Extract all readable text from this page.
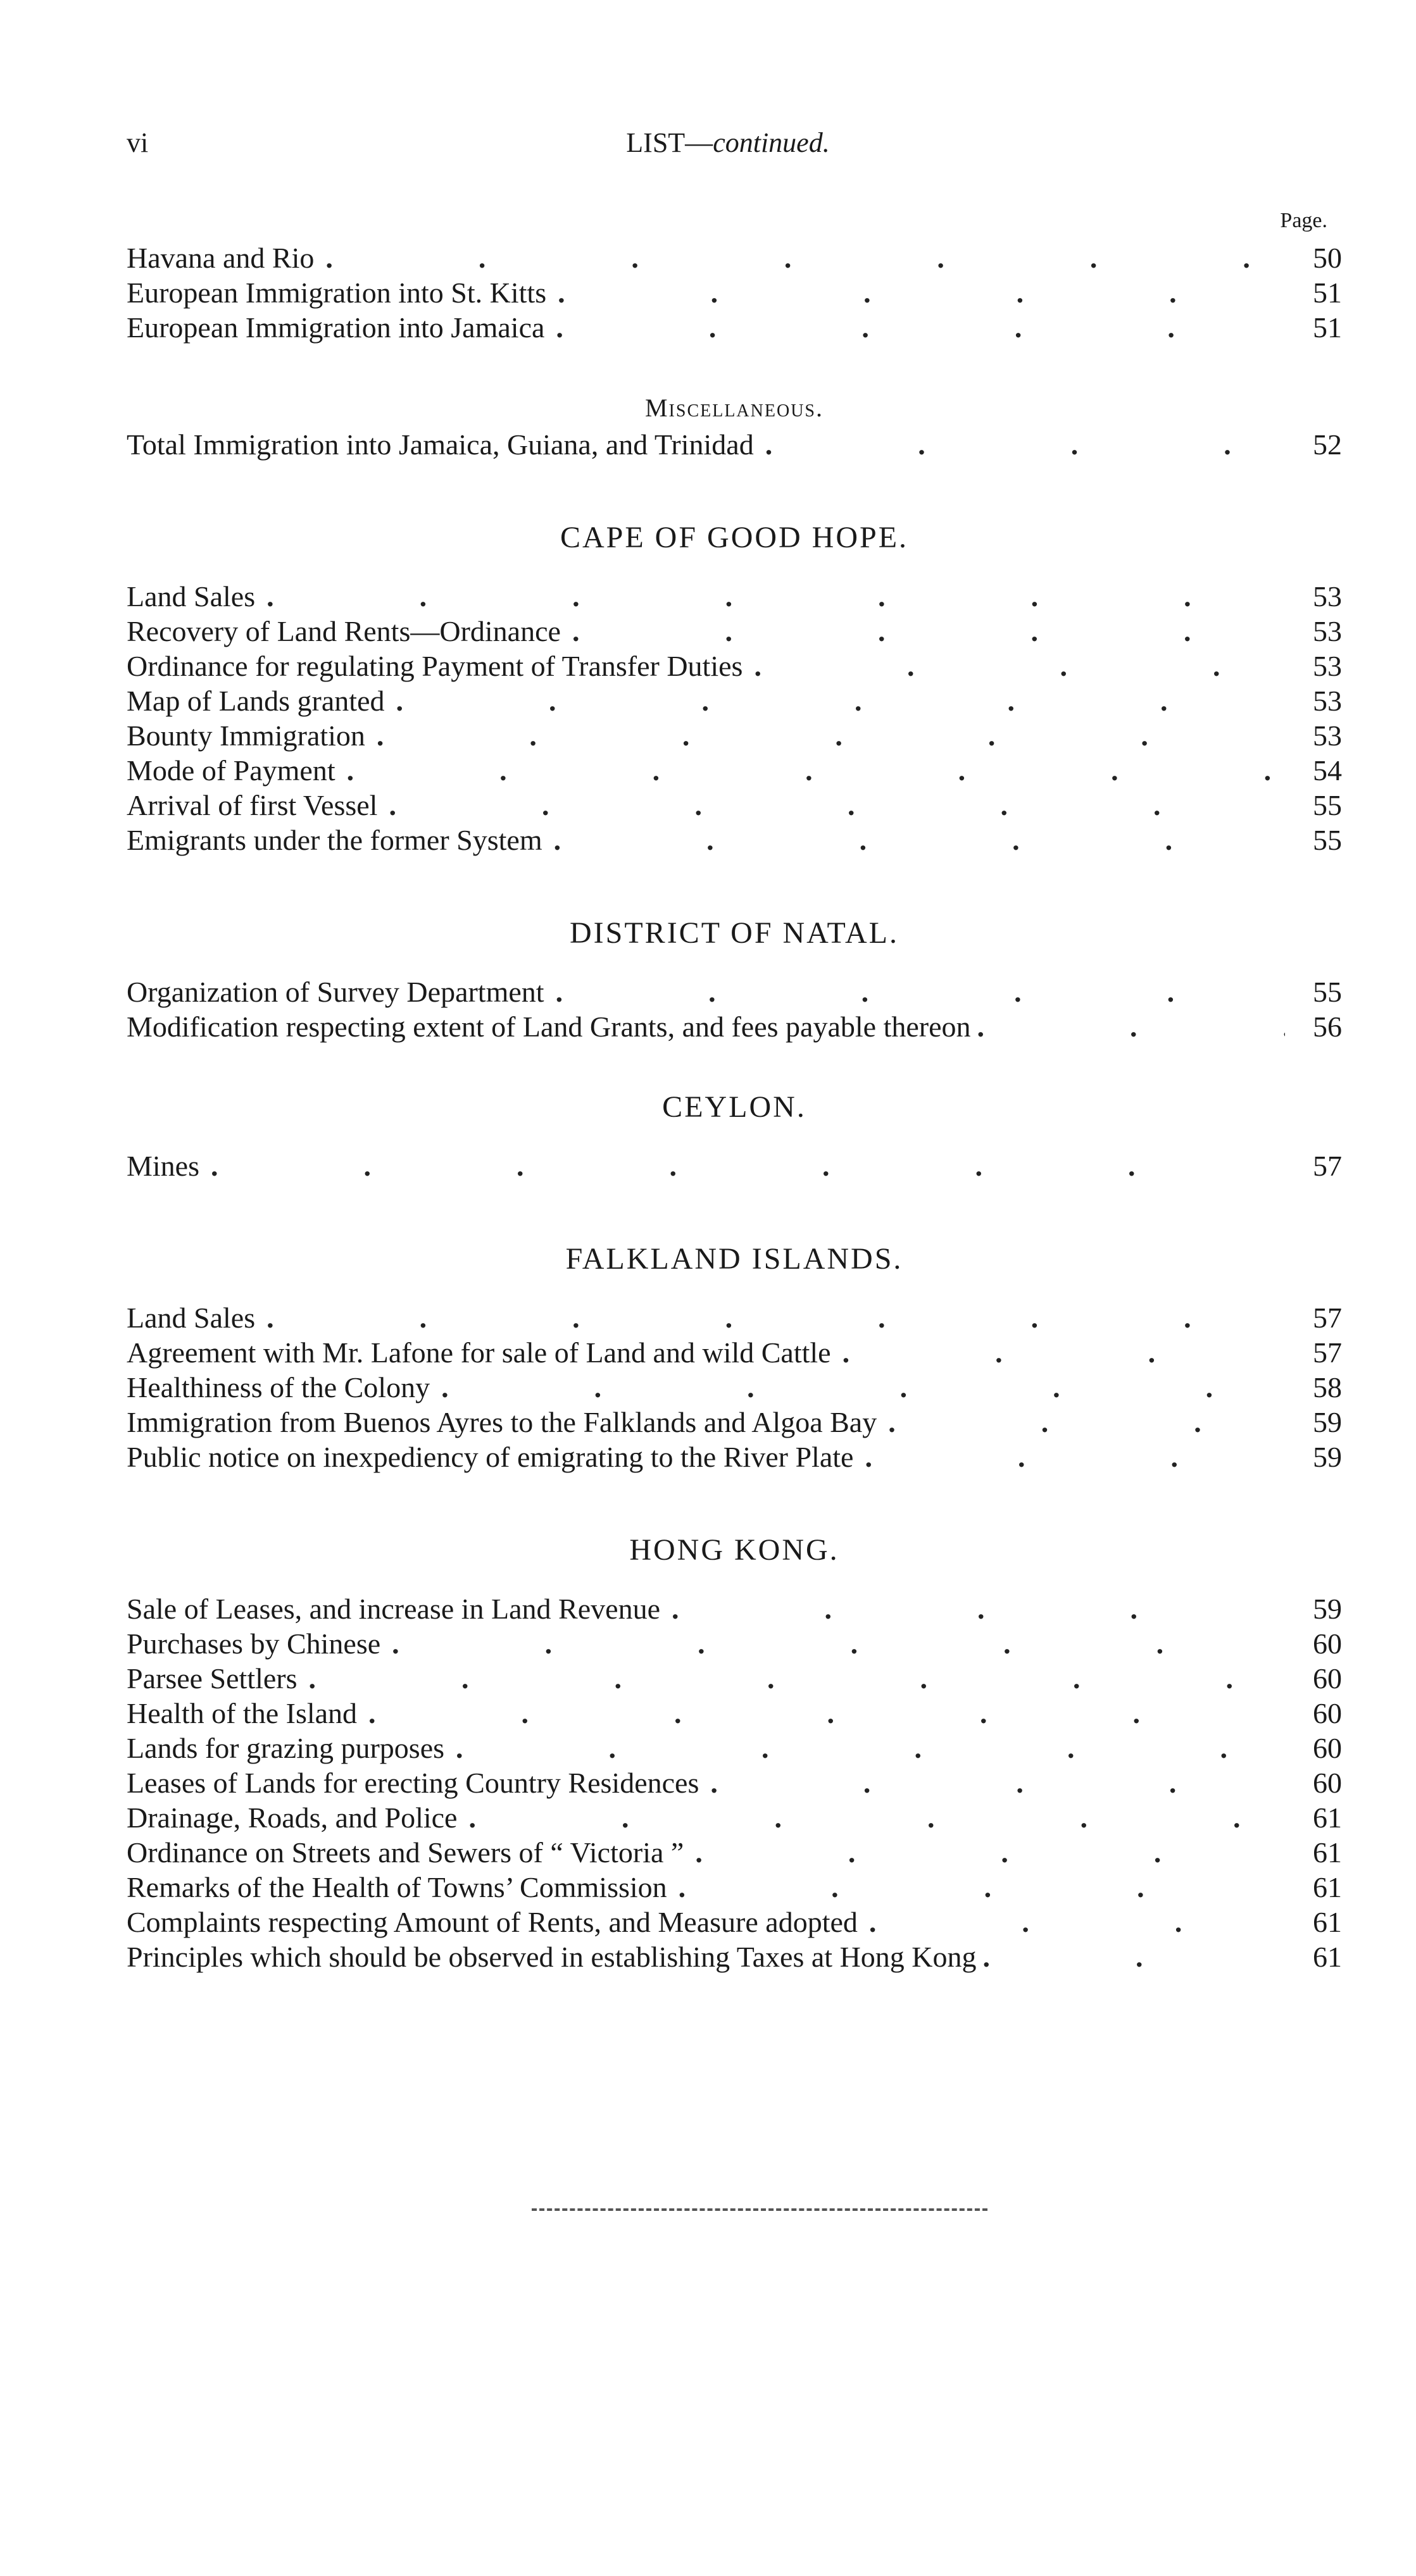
vi	LIST—continued.
Page.
Havana and Rio .	50
European Immigration into St. Kitts .	51
European Immigration into Jamaica .	51
Miscellaneous.
Total Immigration into Jamaica, Guiana, and Trinidad .	52
CAPE OF GOOD HOPE.
Land Sales .	53
Recovery of Land Rents—Ordinance .	53
Ordinance for regulating Payment of Transfer Duties .	53
Map of Lands granted .	53
Bounty Immigration .	53
Mode of Payment .	54
Arrival of first Vessel .	55
Emigrants under the former System .	55
DISTRICT OF NATAL.
Organization of Survey Department .	55
Modification respecting extent of Land Grants, and fees payable thereon .	56
CEYLON.
Mines .	57
FALKLAND ISLANDS.
Land Sales .	57
Agreement with Mr. Lafone for sale of Land and wild Cattle .	57
Healthiness of the Colony .	58
Immigration from Buenos Ayres to the Falklands and Algoa Bay .	59
Public notice on inexpediency of emigrating to the River Plate .	59
HONG KONG.
Sale of Leases, and increase in Land Revenue .	59
Purchases by Chinese .	60
Parsee Settlers .	60
Health of the Island .	60
Lands for grazing purposes .	60
Leases of Lands for erecting Country Residences .	60
Drainage, Roads, and Police .	61
Ordinance on Streets and Sewers of “ Victoria ” .	61
Remarks of the Health of Towns’ Commission .	61
Complaints respecting Amount of Rents, and Measure adopted .	61
Principles which should be observed in establishing Taxes at Hong Kong .	61
